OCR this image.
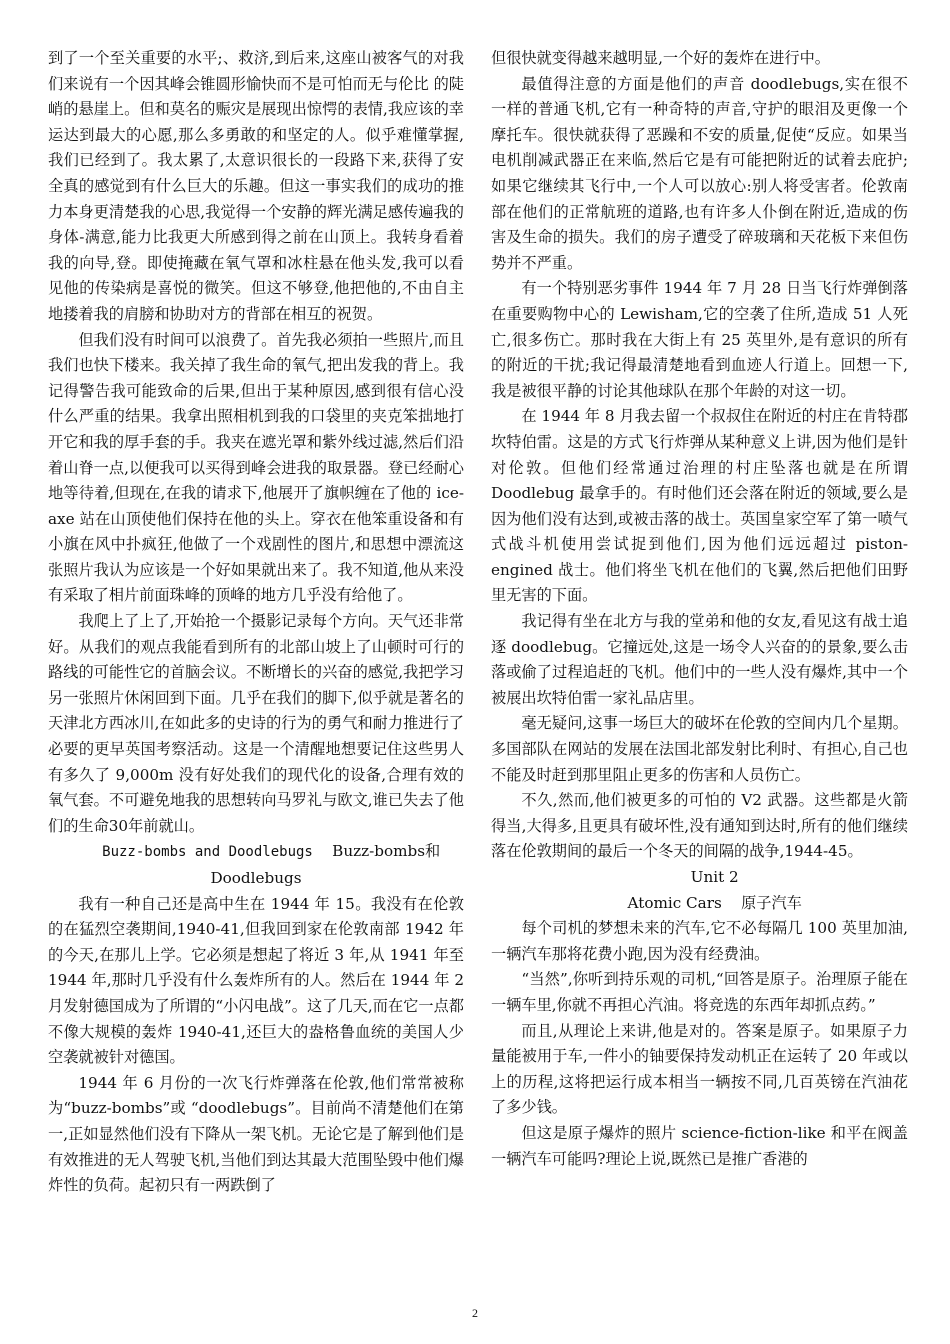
到了一个至关重要的水平;、救济,到后来,这座山被客气的对我们来说有一个因其峰会锥圆形愉快而不是可怕而无与伦比 的陡峭的悬崖上。但和莫名的赈灾是展现出惊愕的表情,我应该的幸运达到最大的心愿,那么多勇敢的和坚定的人。似乎难懂掌握,我们已经到了。我太累了,太意识很长的一段路下来,获得了安全真的感觉到有什么巨大的乐趣。但这一事实我们的成功的推力本身更清楚我的心思,我觉得一个安静的辉光满足感传遍我的身体-满意,能力比我更大所感到得之前在山顶上。我转身看着我的向导,登。即使掩藏在氧气罩和冰柱悬在他头发,我可以看见他的传染病是喜悦的微笑。但这不够登,他把他的,不由自主地搂着我的肩膀和协助对方的背部在相互的祝贺。

但我们没有时间可以浪费了。首先我必须拍一些照片,而且我们也快下楼来。我关掉了我生命的氧气,把出发我的背上。我记得警告我可能致命的后果,但出于某种原因,感到很有信心没什么严重的结果。我拿出照相机到我的口袋里的夹克笨拙地打开它和我的厚手套的手。我夹在遮光罩和紫外线过滤,然后们沿着山脊一点,以便我可以买得到峰会进我的取景器。登已经耐心地等待着,但现在,在我的请求下,他展开了旗帜缠在了他的 ice-axe 站在山顶使他们保持在他的头上。穿衣在他笨重设备和有小旗在风中扑疯狂,他做了一个戏剧性的图片,和思想中漂流这张照片我认为应该是一个好如果就出来了。我不知道,他从来没有采取了相片前面珠峰的顶峰的地方几乎没有给他了。

我爬上了上了,开始抢一个摄影记录每个方向。天气还非常好。从我们的观点我能看到所有的北部山坡上了山顿时可行的路线的可能性它的首脑会议。不断增长的兴奋的感觉,我把学习另一张照片休闲回到下面。几乎在我们的脚下,似乎就是著名的天津北方西冰川,在如此多的史诗的行为的勇气和耐力推进行了必要的更早英国考察活动。这是一个清醒地想要记住这些男人有多久了 9,000m 没有好处我们的现代化的设备,合理有效的氧气套。不可避免地我的思想转向马罗礼与欧文,谁已失去了他们的生命30年前就山。

Buzz-bombs and Doodlebugs Buzz-bombs和Doodlebugs

我有一种自己还是高中生在 1944 年 15。我没有在伦敦的在猛烈空袭期间,1940-41,但我回到家在伦敦南部 1942 年的今天,在那儿上学。它必须是想起了将近 3 年,从 1941 年至 1944 年,那时几乎没有什么轰炸所有的人。然后在 1944 年 2 月发射德国成为了所谓的“小闪电战”。这了几天,而在它一点都不像大规模的轰炸 1940-41,还巨大的盎格鲁血统的美国人少空袭就被针对德国。

1944 年 6 月份的一次飞行炸弹落在伦敦,他们常常被称为“buzz-bombs”或 “doodlebugs”。目前尚不清楚他们在第一,正如显然他们没有下降从一架飞机。无论它是了解到他们是有效推进的无人驾驶飞机,当他们到达其最大范围坠毁中他们爆炸性的负荷。起初只有一两跌倒了

但很快就变得越来越明显,一个好的轰炸在进行中。

最值得注意的方面是他们的声音 doodlebugs,实在很不一样的普通飞机,它有一种奇特的声音,守护的眼泪及更像一个摩托车。很快就获得了恶躁和不安的质量,促使“反应。如果当电机削减武器正在来临,然后它是有可能把附近的试着去庇护;如果它继续其飞行中,一个人可以放心:别人将受害者。伦敦南部在他们的正常航班的道路,也有许多人仆倒在附近,造成的伤害及生命的损失。我们的房子遭受了碎玻璃和天花板下来但伤势并不严重。

有一个特别恶劣事件 1944 年 7 月 28 日当飞行炸弹倒落在重要购物中心的 Lewisham,它的空袭了住所,造成 51 人死亡,很多伤亡。那时我在大街上有 25 英里外,是有意识的所有的附近的干扰;我记得最清楚地看到血迹人行道上。回想一下,我是被很平静的讨论其他球队在那个年龄的对这一切。

在 1944 年 8 月我去留一个叔叔住在附近的村庄在肯特郡坎特伯雷。这是的方式飞行炸弹从某种意义上讲,因为他们是针对伦敦。但他们经常通过治理的村庄坠落也就是在所谓 Doodlebug 最拿手的。有时他们还会落在附近的领域,要么是因为他们没有达到,或被击落的战士。英国皇家空军了第一喷气式战斗机使用尝试捉到他们,因为他们远远超过 piston-engined 战士。他们将坐飞机在他们的飞翼,然后把他们田野里无害的下面。

我记得有坐在北方与我的堂弟和他的女友,看见这有战士追逐 doodlebug。它撞远处,这是一场令人兴奋的的景象,要么击落或偷了过程追赶的飞机。他们中的一些人没有爆炸,其中一个被展出坎特伯雷一家礼品店里。

毫无疑问,这事一场巨大的破坏在伦敦的空间内几个星期。多国部队在网站的发展在法国北部发射比利时、有担心,自己也不能及时赶到那里阻止更多的伤害和人员伤亡。

不久,然而,他们被更多的可怕的 V2 武器。这些都是火箭得当,大得多,且更具有破坏性,没有通知到达时,所有的他们继续落在伦敦期间的最后一个冬天的间隔的战争,1944-45。

Unit 2

Atomic Cars 原子汽车

每个司机的梦想未来的汽车,它不必每隔几 100 英里加油,一辆汽车那将花费小跑,因为没有经费油。

“当然”,你听到持乐观的司机,“回答是原子。治理原子能在一辆车里,你就不再担心汽油。将竞选的东西年却抓点药。”

而且,从理论上来讲,他是对的。答案是原子。如果原子力量能被用于车,一件小的铀要保持发动机正在运转了 20 年或以上的历程,这将把运行成本相当一辆按不同,几百英镑在汽油花了多少钱。

但这是原子爆炸的照片 science-fiction-like 和平在阀盖一辆汽车可能吗?理论上说,既然已是推广香港的

2
